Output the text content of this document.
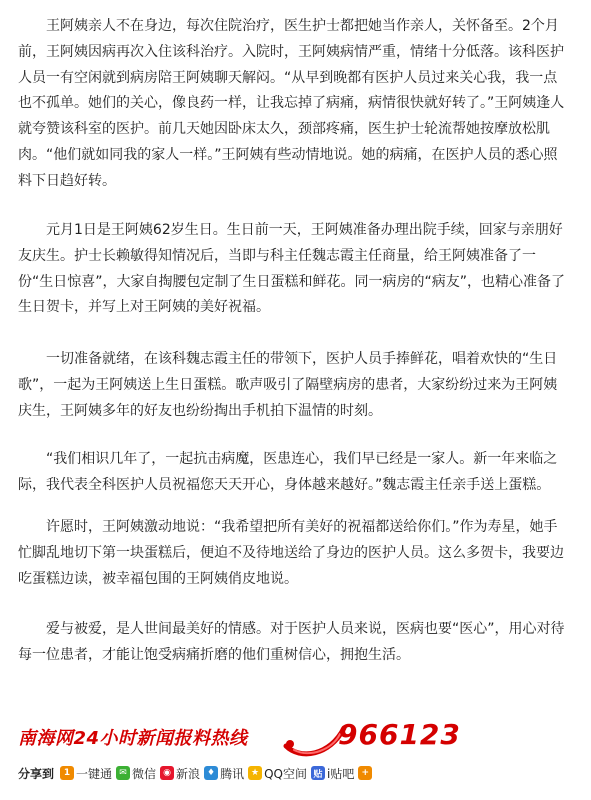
王阿姨亲人不在身边，每次住院治疗，医生护士都把她当作亲人，关怀备至。2个月前，王阿姨因病再次入住该科治疗。入院时，王阿姨病情严重，情绪十分低落。该科医护人员一有空闲就到病房陪王阿姨聊天解闷。“从早到晚都有医护人员过来关心我，我一点也不孤单。她们的关心，像良药一样，让我忘掉了病痛，病情很快就好转了。”王阿姨逢人就夸赞该科室的医护。前几天她因卧床太久，颈部疼痛，医生护士轮流帮她按摩放松肌肉。“他们就如同我的家人一样。”王阿姨有些动情地说。她的病痛，在医护人员的悉心照料下日趋好转。

元月1日是王阿姨62岁生日。生日前一天，王阿姨准备办理出院手续，回家与亲朋好友庆生。护士长赖敏得知情况后，当即与科主任魏志霞主任商量，给王阿姨准备了一份“生日惊喜”，大家自掏腰包定制了生日蛋糕和鲜花。同一病房的“病友”，也精心准备了生日贺卡，并写上对王阿姨的美好祝福。

一切准备就绪，在该科魏志霞主任的带领下，医护人员手捧鲜花，唱着欢快的“生日歌”，一起为王阿姨送上生日蛋糕。歌声吸引了隔壁病房的患者，大家纷纷过来为王阿姨庆生，王阿姨多年的好友也纷纷掏出手机拍下温情的时刻。

“我们相识几年了，一起抗击病魔，医患连心，我们早已经是一家人。新一年来临之际，我代表全科医护人员祝福您天天开心，身体越来越好。”魏志霞主任亲手送上蛋糕。

许愿时，王阿姨激动地说：“我希望把所有美好的祝福都送给你们。”作为寿星，她手忙脚乱地切下第一块蛋糕后，便迫不及待地送给了身边的医护人员。这么多贺卡，我要边吃蛋糕边读，被幸福包围的王阿姨俏皮地说。

爱与被爱，是人世间最美好的情感。对于医护人员来说，医病也要“医心”，用心对待每一位患者，才能让饱受病痛折磨的他们重树信心，拥抱生活。

南海网24小时新闻报料热线	966123
分享到	1 一键通 ✉ 微信 ◉ 新浪 ♦ 腾讯 ★ QQ空间 贴 i贴吧 +
